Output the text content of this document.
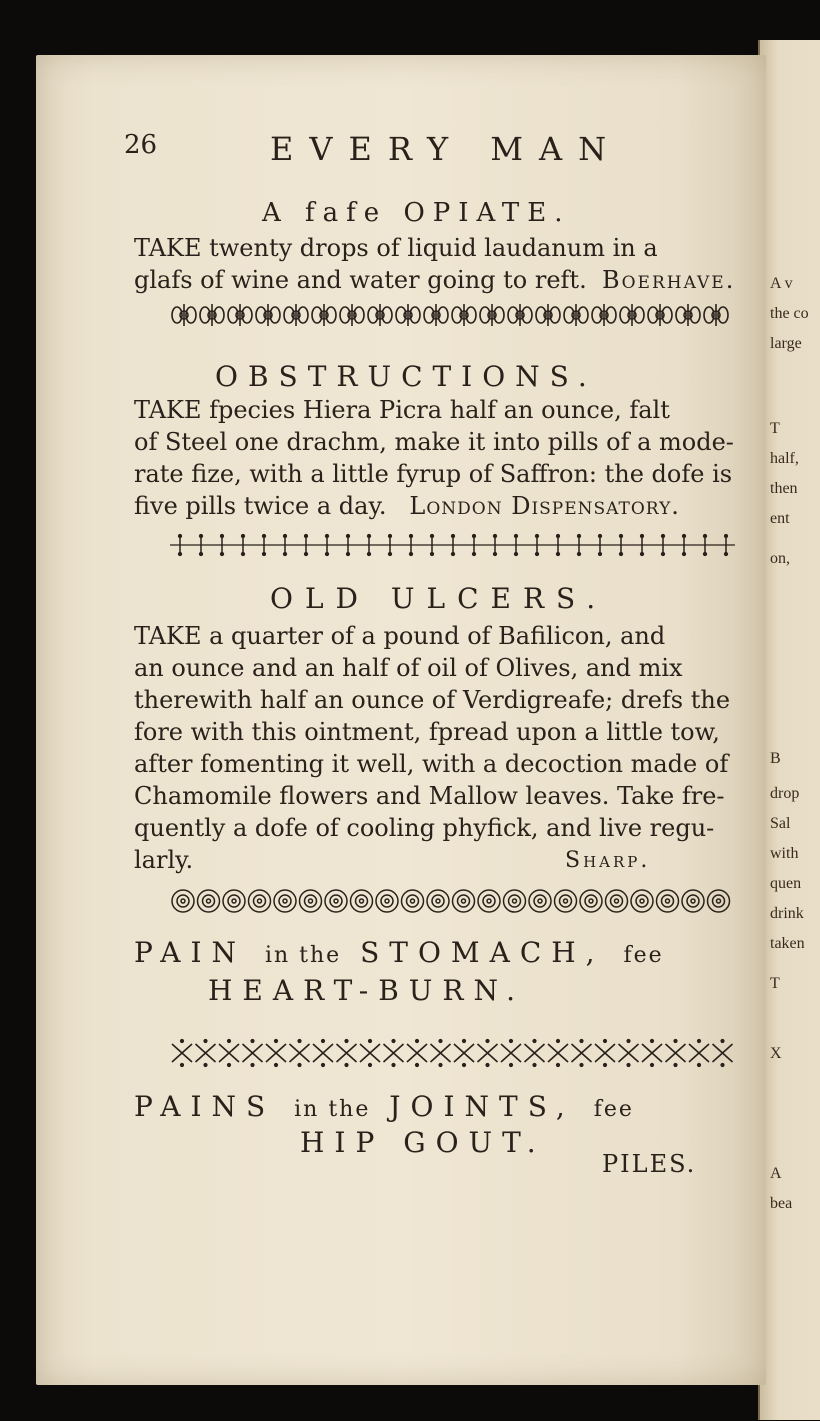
A v
the co
large
T
half,
then
ent
on,
B
drop
Sal
with
quen
drink
taken
T
X
A
bea
26	EVERY MAN
A fafe OPIATE.
TAKE twenty drops of liquid laudanum in a
glafs of wine and water going to reft. Boerhave.
OBSTRUCTIONS.
TAKE fpecies Hiera Picra half an ounce, falt
of Steel one drachm, make it into pills of a mode-
rate fize, with a little fyrup of Saffron: the dofe is
five pills twice a day. London Dispensatory.
OLD ULCERS.
TAKE a quarter of a pound of Bafilicon, and
an ounce and an half of oil of Olives, and mix
therewith half an ounce of Verdigreafe; drefs the
fore with this ointment, fpread upon a little tow,
after fomenting it well, with a decoction made of
Chamomile flowers and Mallow leaves. Take fre-
quently a dofe of cooling phyfick, and live regu-
larly.	Sharp.
PAIN in the STOMACH, fee
HEART-BURN.
PAINS in the JOINTS, fee
HIP GOUT.
PILES.
